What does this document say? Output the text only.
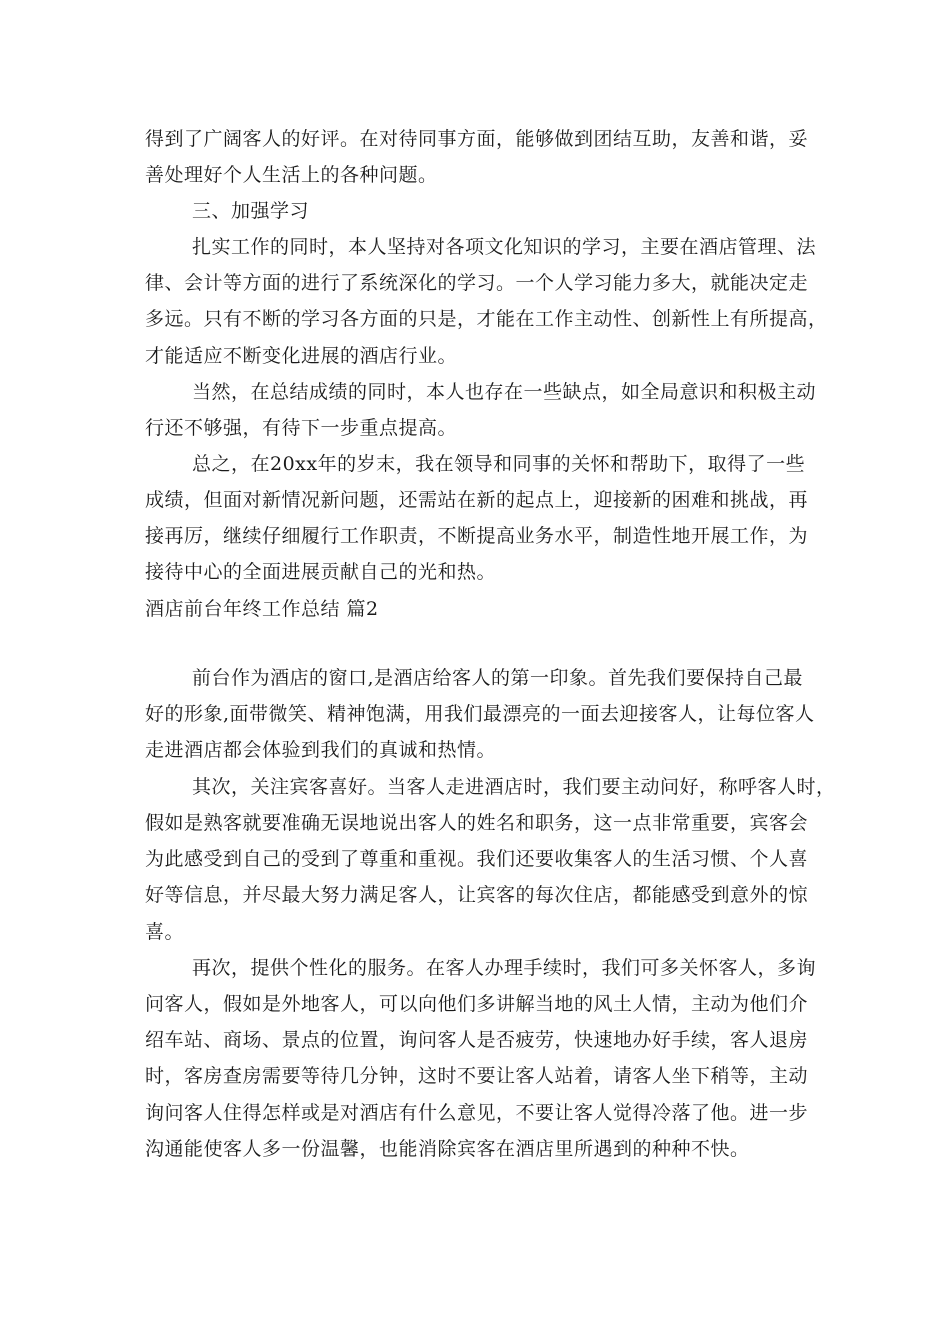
得到了广阔客人的好评。在对待同事方面，能够做到团结互助，友善和谐，妥
善处理好个人生活上的各种问题。
三、加强学习
扎实工作的同时，本人坚持对各项文化知识的学习，主要在酒店管理、法
律、会计等方面的进行了系统深化的学习。一个人学习能力多大，就能决定走
多远。只有不断的学习各方面的只是，才能在工作主动性、创新性上有所提高，
才能适应不断变化进展的酒店行业。
当然，在总结成绩的同时，本人也存在一些缺点，如全局意识和积极主动
行还不够强，有待下一步重点提高。
总之，在20xx年的岁末，我在领导和同事的关怀和帮助下，取得了一些
成绩，但面对新情况新问题，还需站在新的起点上，迎接新的困难和挑战，再
接再厉，继续仔细履行工作职责，不断提高业务水平，制造性地开展工作，为
接待中心的全面进展贡献自己的光和热。
酒店前台年终工作总结 篇2
前台作为酒店的窗口,是酒店给客人的第一印象。首先我们要保持自己最
好的形象,面带微笑、精神饱满，用我们最漂亮的一面去迎接客人，让每位客人
走进酒店都会体验到我们的真诚和热情。
其次，关注宾客喜好。当客人走进酒店时，我们要主动问好，称呼客人时，
假如是熟客就要准确无误地说出客人的姓名和职务，这一点非常重要，宾客会
为此感受到自己的受到了尊重和重视。我们还要收集客人的生活习惯、个人喜
好等信息，并尽最大努力满足客人，让宾客的每次住店，都能感受到意外的惊
喜。
再次，提供个性化的服务。在客人办理手续时，我们可多关怀客人，多询
问客人，假如是外地客人，可以向他们多讲解当地的风土人情，主动为他们介
绍车站、商场、景点的位置，询问客人是否疲劳，快速地办好手续，客人退房
时，客房查房需要等待几分钟，这时不要让客人站着，请客人坐下稍等，主动
询问客人住得怎样或是对酒店有什么意见，不要让客人觉得冷落了他。进一步
沟通能使客人多一份温馨，也能消除宾客在酒店里所遇到的种种不快。
